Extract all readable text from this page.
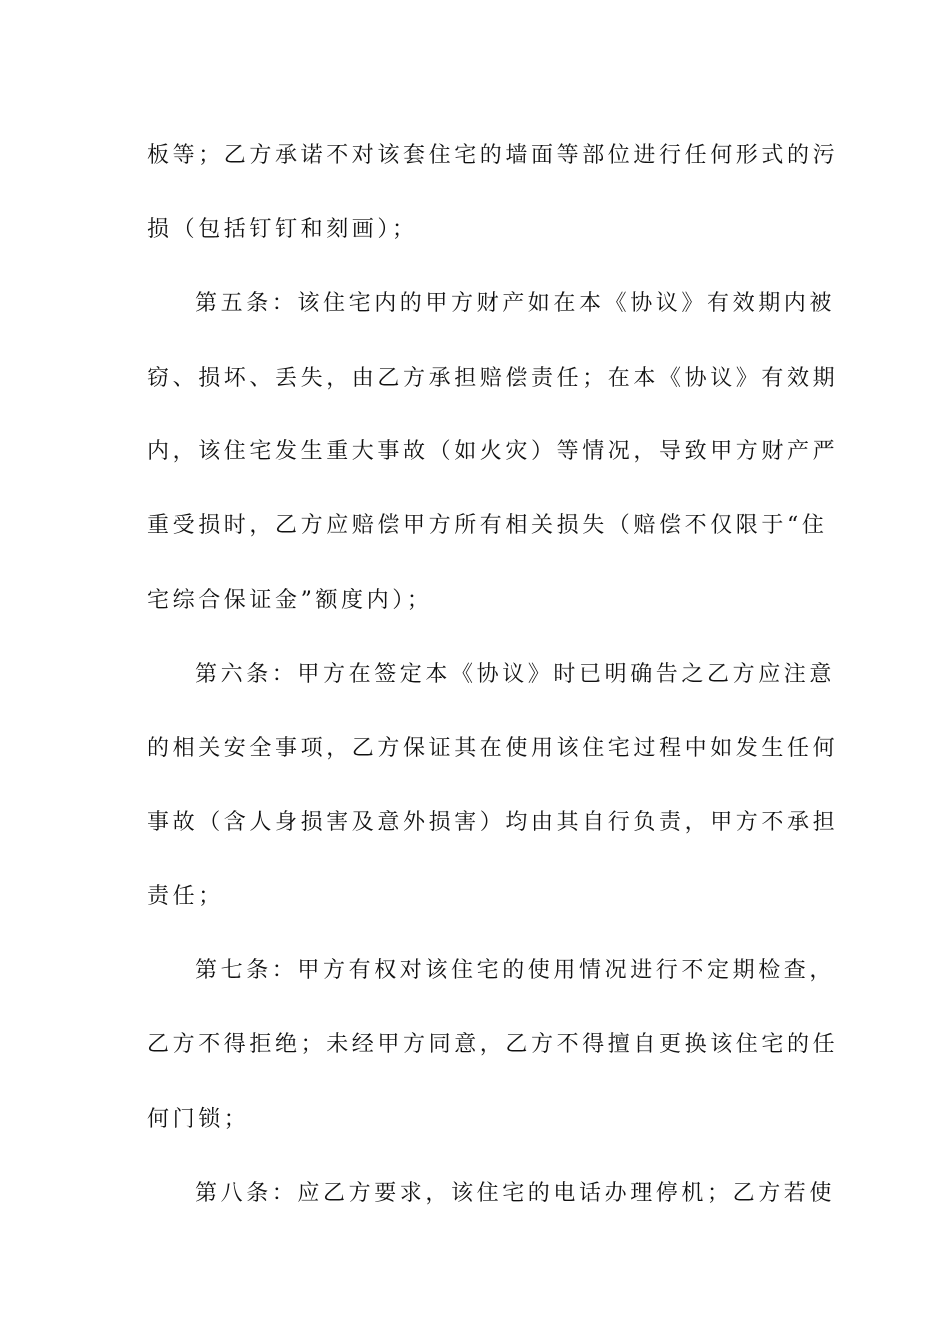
板等；乙方承诺不对该套住宅的墙面等部位进行任何形式的污
损（包括钉钉和刻画）；
第五条：该住宅内的甲方财产如在本《协议》有效期内被
窃、损坏、丢失，由乙方承担赔偿责任；在本《协议》有效期
内，该住宅发生重大事故（如火灾）等情况，导致甲方财产严
重受损时，乙方应赔偿甲方所有相关损失（赔偿不仅限于“住
宅综合保证金”额度内）；
第六条：甲方在签定本《协议》时已明确告之乙方应注意
的相关安全事项，乙方保证其在使用该住宅过程中如发生任何
事故（含人身损害及意外损害）均由其自行负责，甲方不承担
责任；
第七条：甲方有权对该住宅的使用情况进行不定期检查，
乙方不得拒绝；未经甲方同意，乙方不得擅自更换该住宅的任
何门锁；
第八条：应乙方要求，该住宅的电话办理停机；乙方若使
